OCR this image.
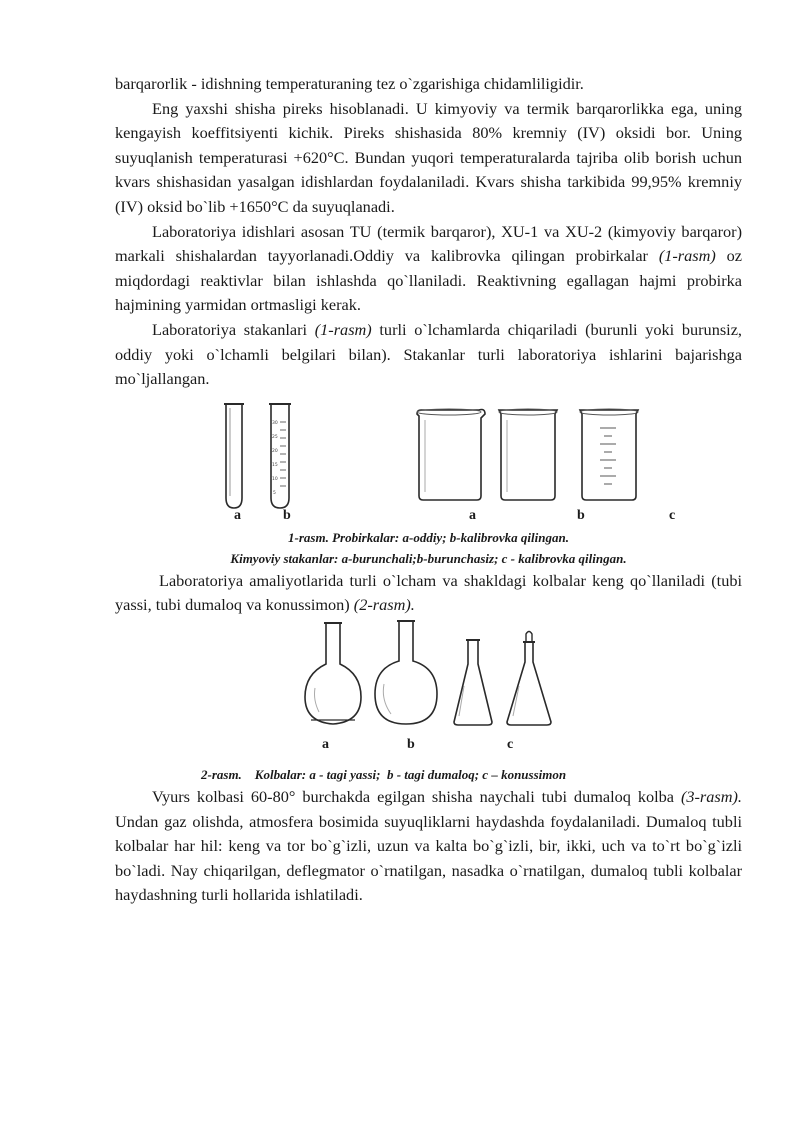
barqarorlik - idishning temperaturaning tez o`zgarishiga chidamliligidir.

Eng yaxshi shisha pireks hisoblanadi. U kimyoviy va termik barqarorlikka ega, uning kengayish koeffitsiyenti kichik. Pireks shishasida 80% kremniy (IV) oksidi bor. Uning suyuqlanish temperaturasi +620°C. Bundan yuqori temperaturalarda tajriba olib borish uchun kvars shishasidan yasalgan idishlardan foydalaniladi. Kvars shisha tarkibida 99,95% kremniy (IV) oksid bo`lib +1650°C da suyuqlanadi.

Laboratoriya idishlari asosan TU (termik barqaror), XU-1 va XU-2 (kimyoviy barqaror) markali shishalardan tayyorlanadi.Oddiy va kalibrovka qilingan probirkalar (1-rasm) oz miqdordagi reaktivlar bilan ishlashda qo`llaniladi. Reaktivning egallagan hajmi probirka hajmining yarmidan ortmasligi kerak.

Laboratoriya stakanlari (1-rasm) turli o`lchamlarda chiqariladi (burunli yoki burunsiz, oddiy yoki o`lchamli belgilari bilan). Stakanlar turli laboratoriya ishlarini bajarishga mo`ljallangan.

30
25
20
15
10
5
a	b	a	b	c

1-rasm. Probirkalar: a-oddiy; b-kalibrovka qilingan.

Kimyoviy stakanlar: a-burunchali;b-burunchasiz; c - kalibrovka qilingan.

Laboratoriya amaliyotlarida turli o`lcham va shakldagi kolbalar keng qo`llaniladi (tubi yassi, tubi dumaloq va konussimon) (2-rasm).

a	b	c

2-rasm.    Kolbalar: a - tagi yassi;  b - tagi dumaloq; c – konussimon

Vyurs kolbasi 60-80° burchakda egilgan shisha naychali tubi dumaloq kolba (3-rasm). Undan gaz olishda, atmosfera bosimida suyuqliklarni haydashda foydalaniladi. Dumaloq tubli kolbalar har hil: keng va tor bo`g`izli, uzun va kalta bo`g`izli, bir, ikki, uch va to`rt bo`g`izli bo`ladi. Nay chiqarilgan, deflegmator o`rnatilgan, nasadka o`rnatilgan, dumaloq tubli kolbalar haydashning turli hollarida ishlatiladi.
